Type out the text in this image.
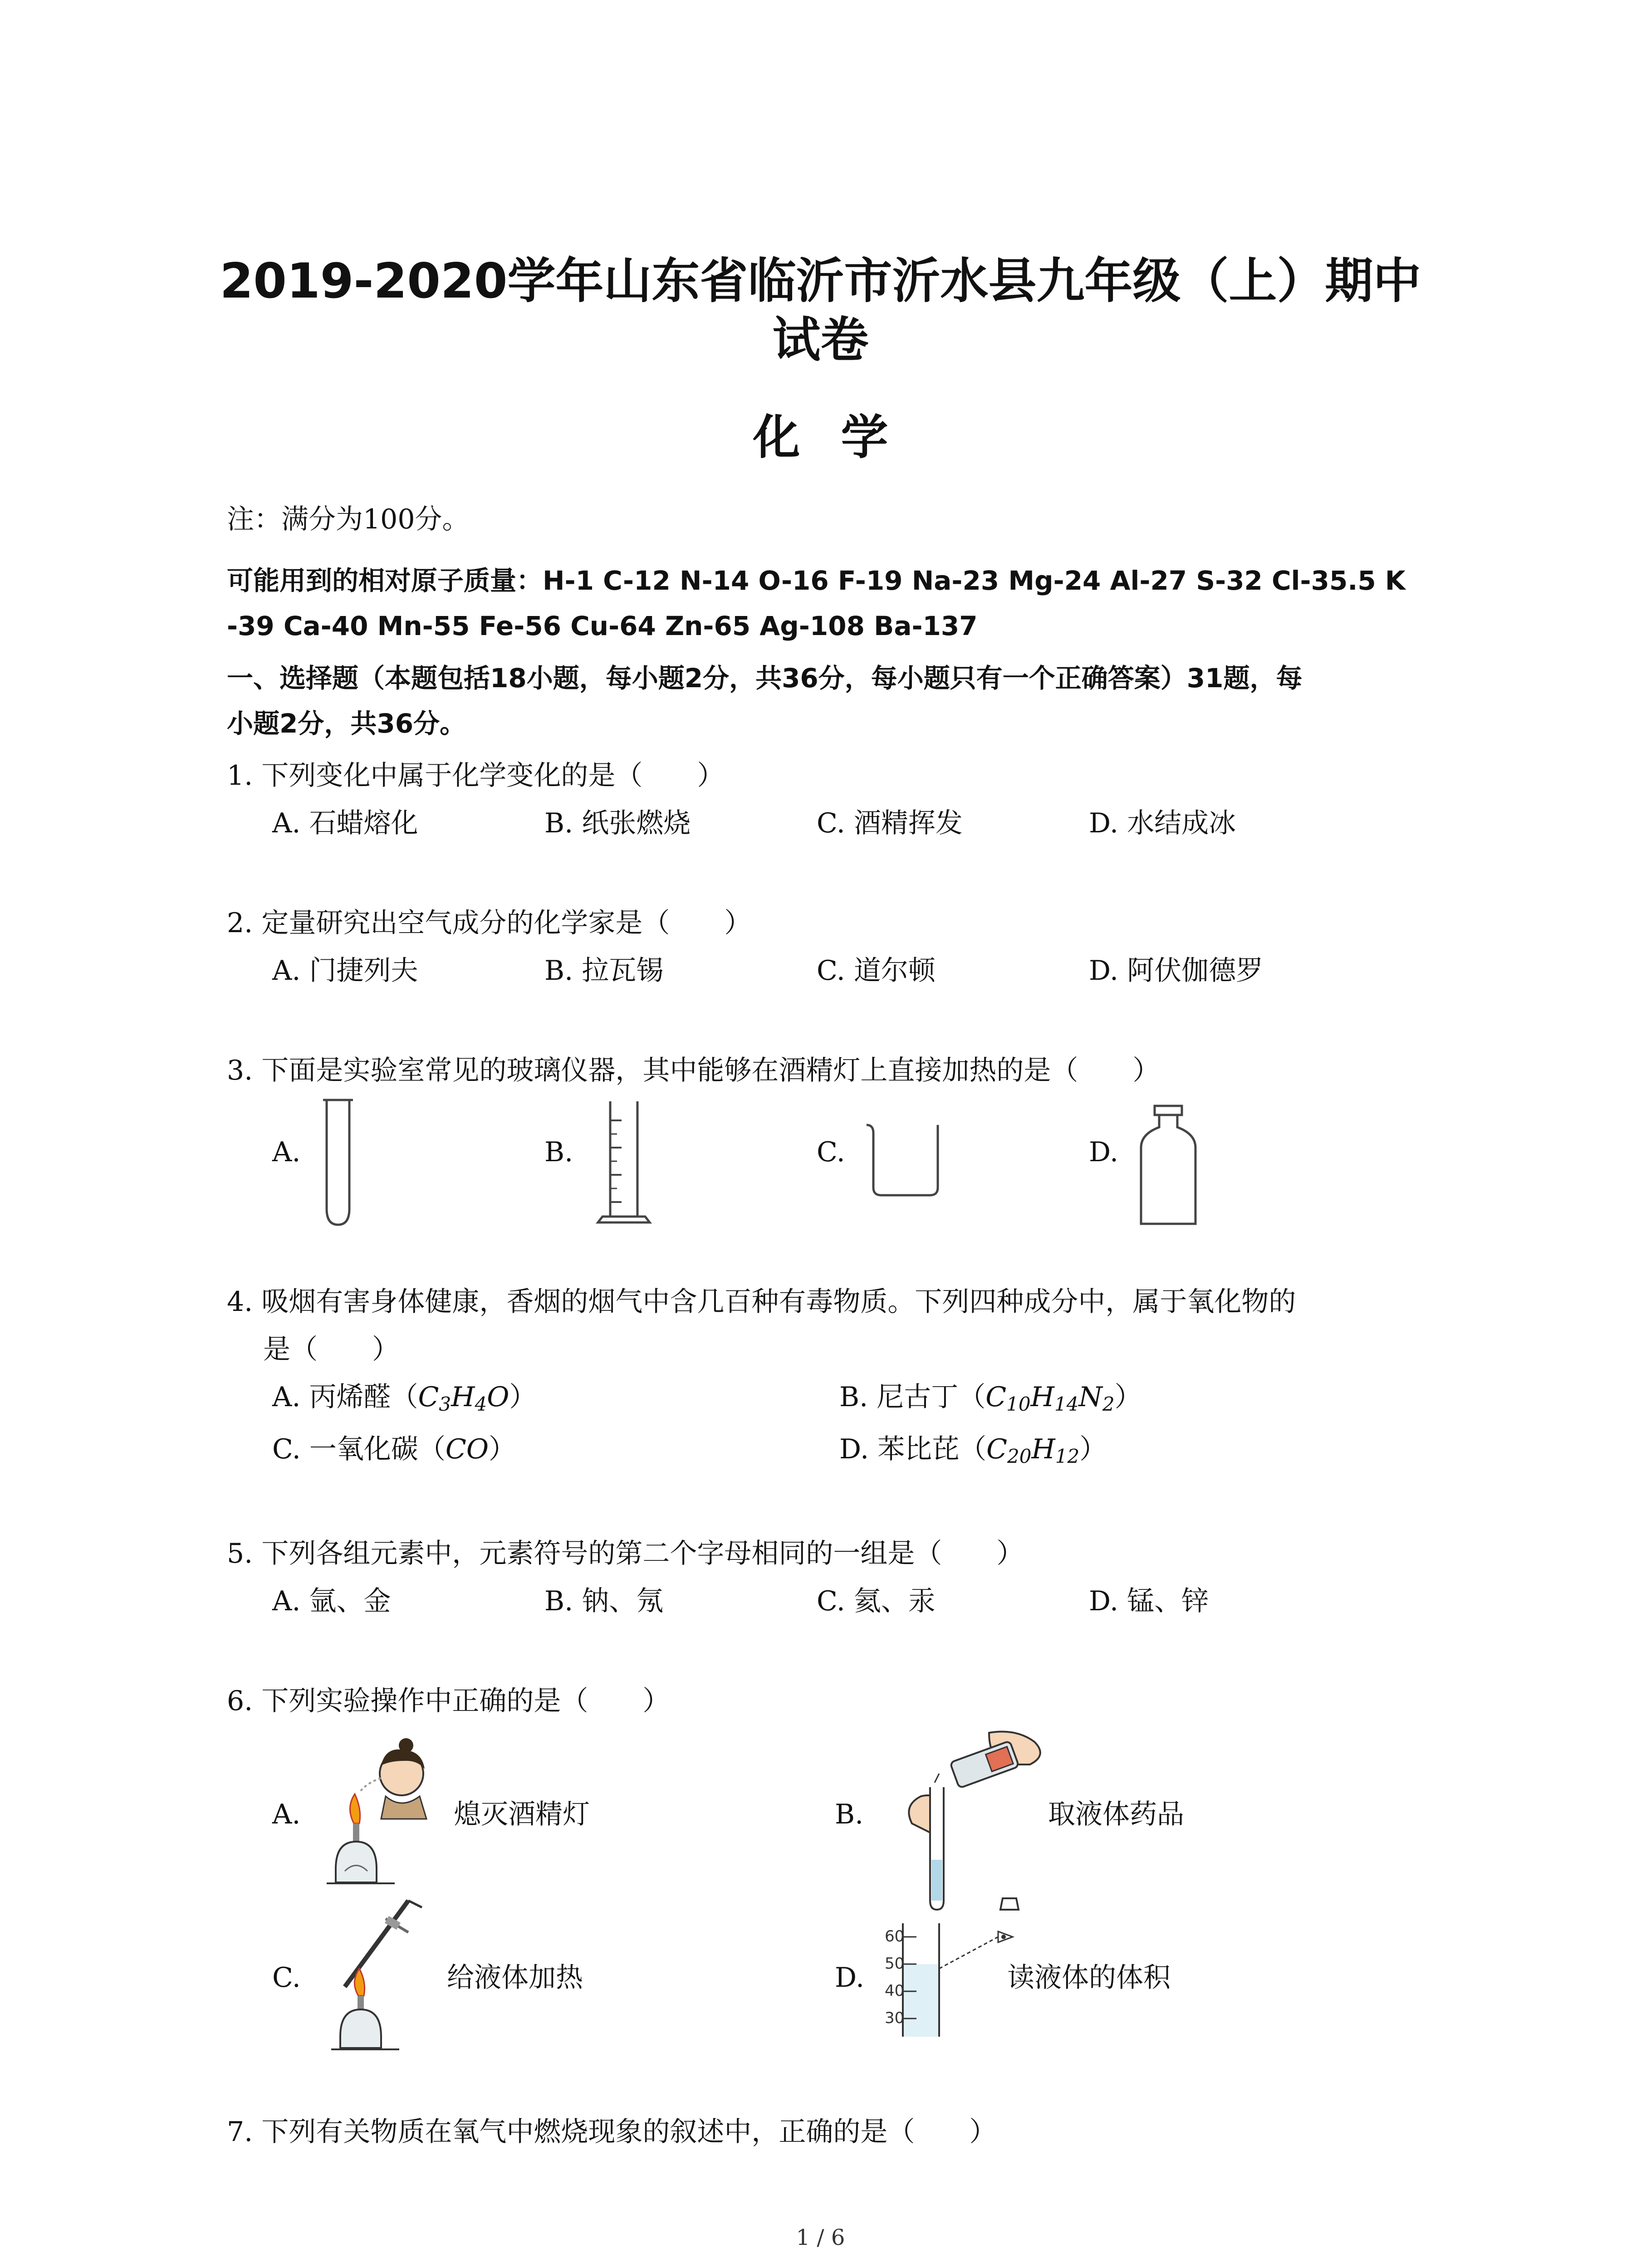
2019-2020学年山东省临沂市沂水县九年级（上）期中
试卷
化学
注：满分为100分。
可能用到的相对原子质量：H-1 C-12 N-14 O-16 F-19 Na-23 Mg-24 Al-27 S-32 Cl-35.5 K
-39 Ca-40 Mn-55 Fe-56 Cu-64 Zn-65 Ag-108 Ba-137
一、选择题（本题包括18小题，每小题2分，共36分，每小题只有一个正确答案）31题，每
小题2分，共36分。
1. 下列变化中属于化学变化的是（　　）
A. 石蜡熔化	B. 纸张燃烧	C. 酒精挥发	D. 水结成冰
2. 定量研究出空气成分的化学家是（　　）
A. 门捷列夫	B. 拉瓦锡	C. 道尔顿	D. 阿伏伽德罗
3. 下面是实验室常见的玻璃仪器，其中能够在酒精灯上直接加热的是（　　）
A.	B.	C.	D.
4. 吸烟有害身体健康，香烟的烟气中含几百种有毒物质。下列四种成分中，属于氧化物的
是（　　）
A. 丙烯醛$(C_3H_4O)$	B. 尼古丁$(C_{10}H_{14}N_2)$
C. 一氧化碳（CO）	D. 苯比芘$(C_{20}H_{12})$
5. 下列各组元素中，元素符号的第二个字母相同的一组是（　　）
A. 氩、金	B. 钠、氖	C. 氦、汞	D. 锰、锌
6. 下列实验操作中正确的是（　　）
A.	熄灭酒精灯	B.	取液体药品
C.	给液体加热	D.
60
50
40
30
读液体的体积
7. 下列有关物质在氧气中燃烧现象的叙述中，正确的是（　　）
1 / 6
